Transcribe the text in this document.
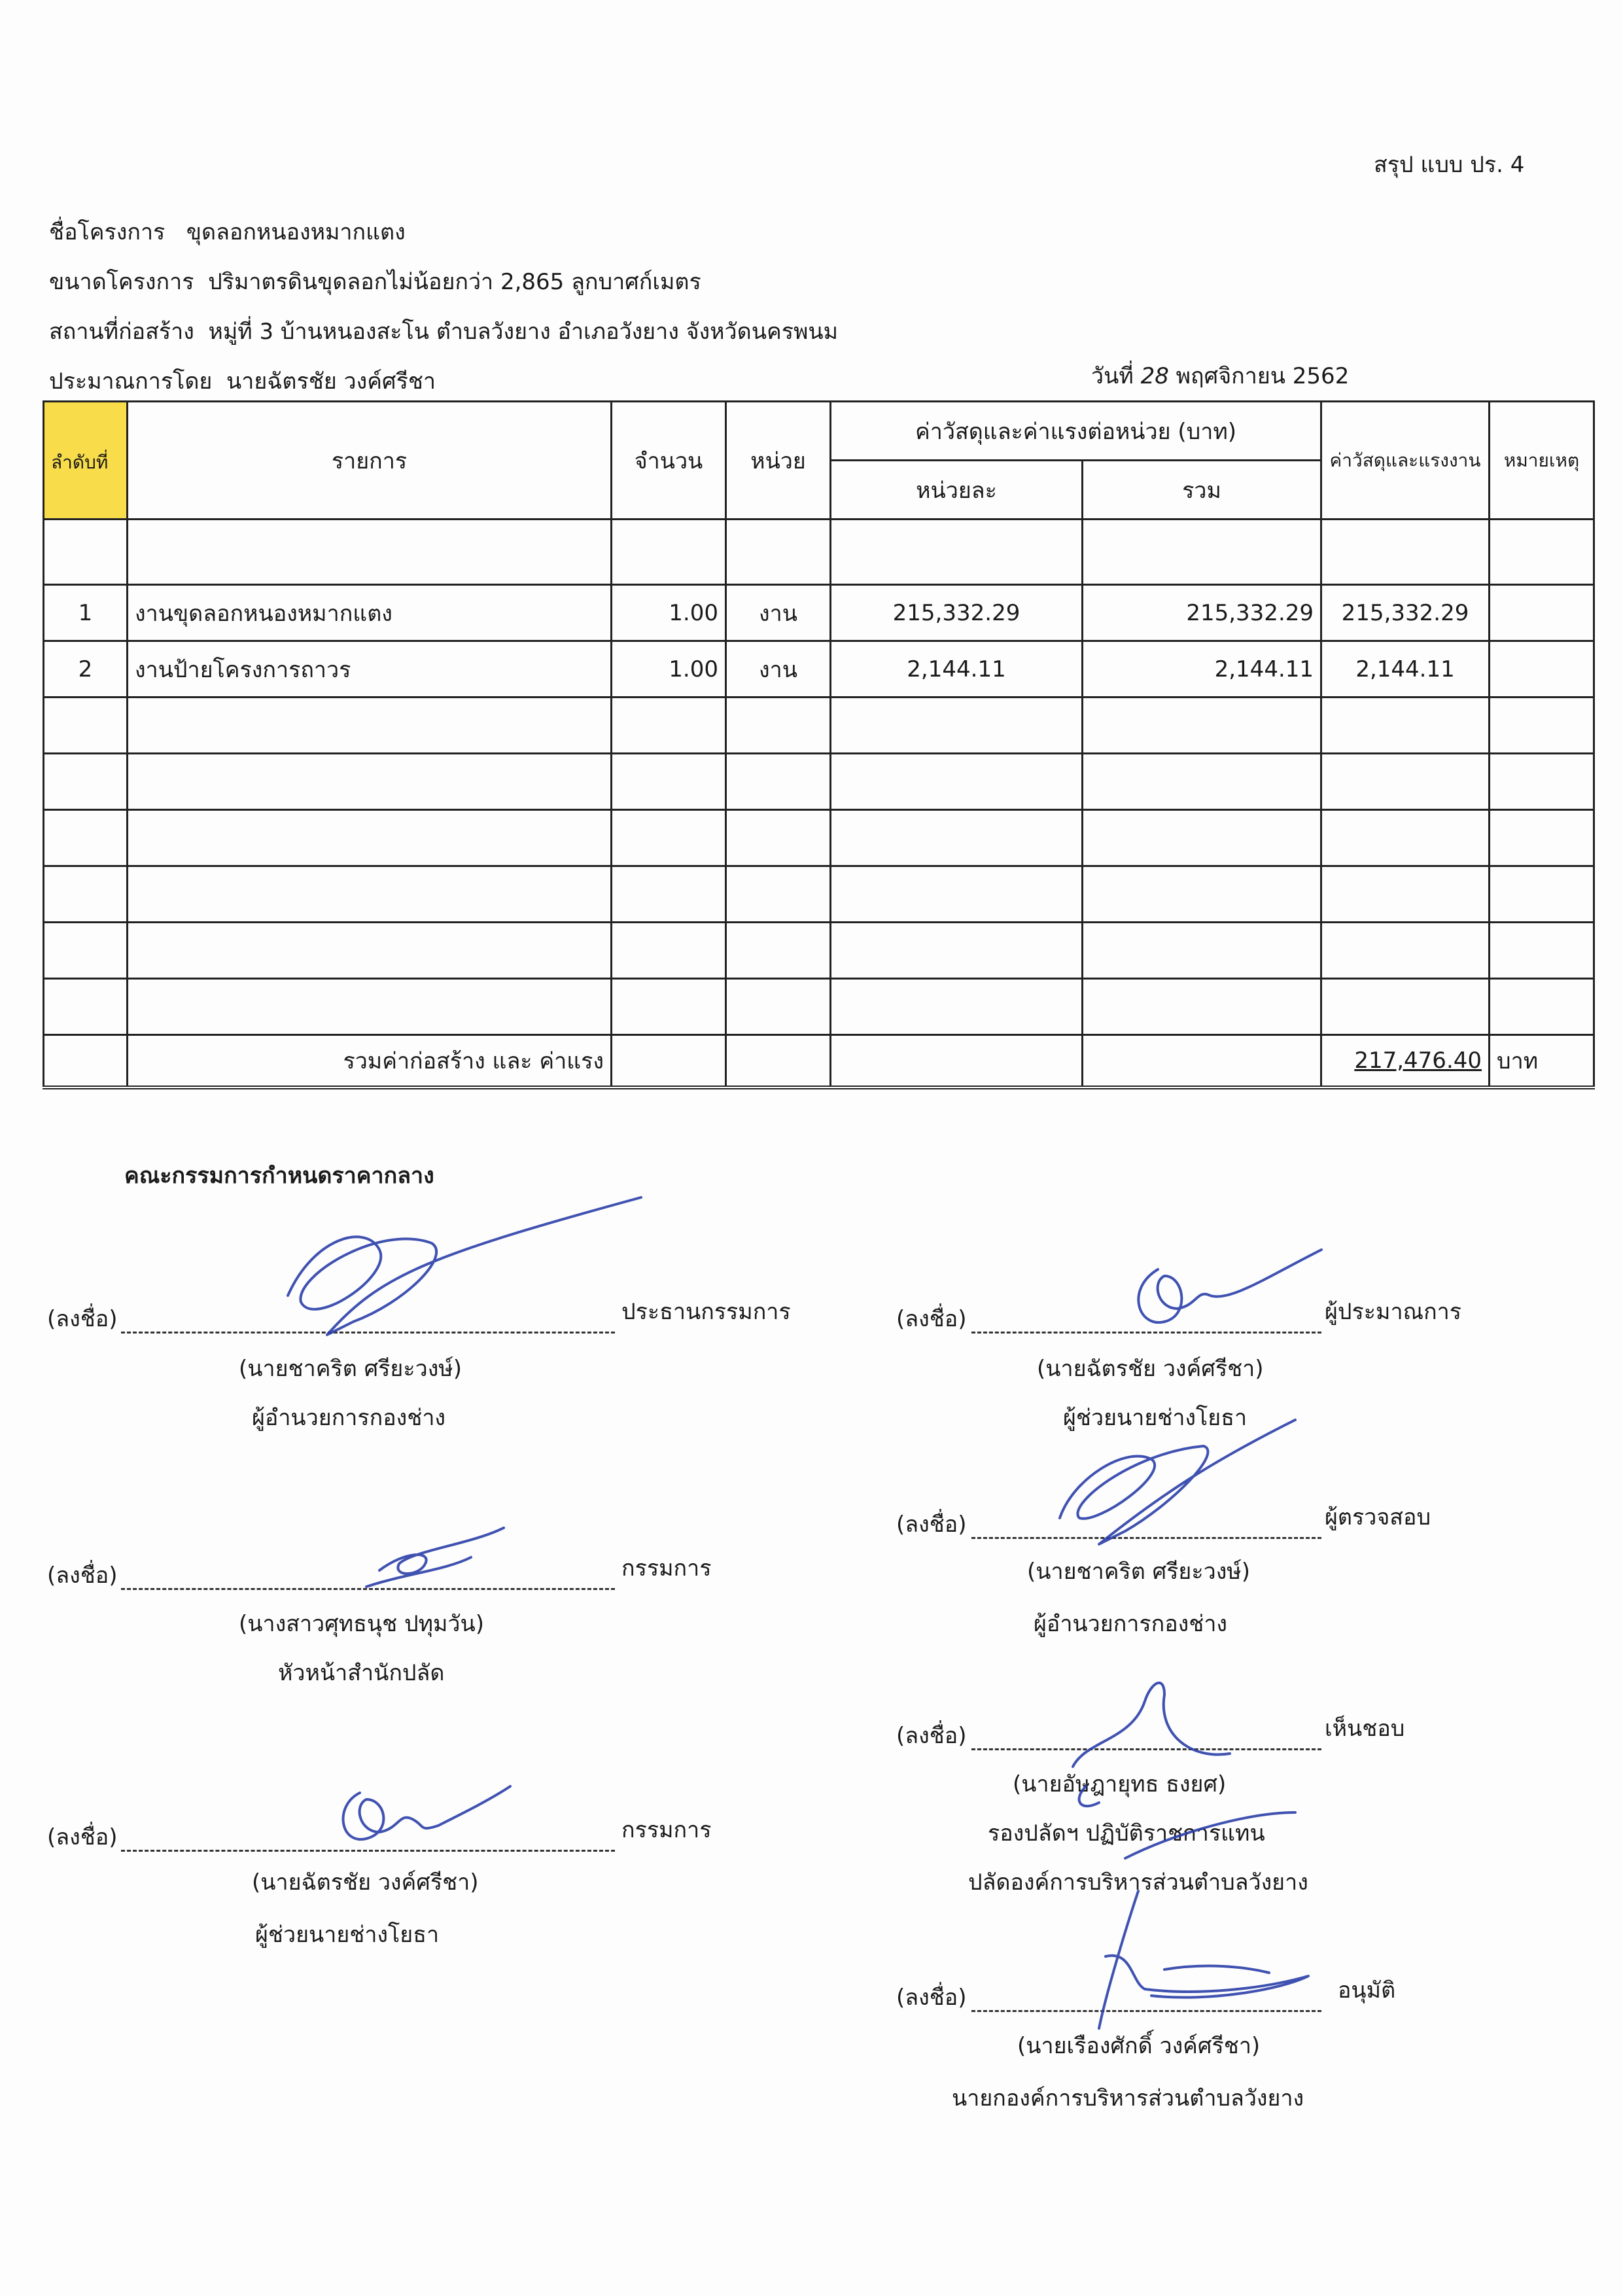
สรุป แบบ ปร. 4
ชื่อโครงการ ขุดลอกหนองหมากแตง
ขนาดโครงการ ปริมาตรดินขุดลอกไม่น้อยกว่า 2,865 ลูกบาศก์เมตร
สถานที่ก่อสร้าง หมู่ที่ 3 บ้านหนองสะโน ตำบลวังยาง อำเภอวังยาง จังหวัดนครพนม
ประมาณการโดย นายฉัตรชัย วงค์ศรีชา	วันที่ 28 พฤศจิกายน 2562
ลำดับที่	รายการ	จำนวน	หน่วย	ค่าวัสดุและค่าแรงต่อหน่วย (บาท)		ค่าวัสดุและแรงงาน	หมายเหตุ
				หน่วยละ	รวม		

1	งานขุดลอกหนองหมากแตง	1.00	งาน	215,332.29	215,332.29	215,332.29	
2	งานป้ายโครงการถาวร	1.00	งาน	2,144.11	2,144.11	2,144.11	

	รวมค่าก่อสร้าง และ ค่าแรง					217,476.40	บาท
คณะกรรมการกำหนดราคากลาง
(ลงชื่อ)	ประธานกรรมการ
(นายชาคริต ศรียะวงษ์)
ผู้อำนวยการกองช่าง
(ลงชื่อ)	กรรมการ
(นางสาวศุทธนุช ปทุมวัน)
หัวหน้าสำนักปลัด
(ลงชื่อ)	กรรมการ
(นายฉัตรชัย วงค์ศรีชา)
ผู้ช่วยนายช่างโยธา
(ลงชื่อ)	ผู้ประมาณการ
(นายฉัตรชัย วงค์ศรีชา)
ผู้ช่วยนายช่างโยธา
(ลงชื่อ)	ผู้ตรวจสอบ
(นายชาคริต ศรียะวงษ์)
ผู้อำนวยการกองช่าง
(ลงชื่อ)	เห็นชอบ
(นายอัษฎายุทธ ธงยศ)
รองปลัดฯ ปฏิบัติราชการแทน
ปลัดองค์การบริหารส่วนตำบลวังยาง
(ลงชื่อ)	อนุมัติ
(นายเรืองศักดิ์ วงค์ศรีชา)
นายกองค์การบริหารส่วนตำบลวังยาง
